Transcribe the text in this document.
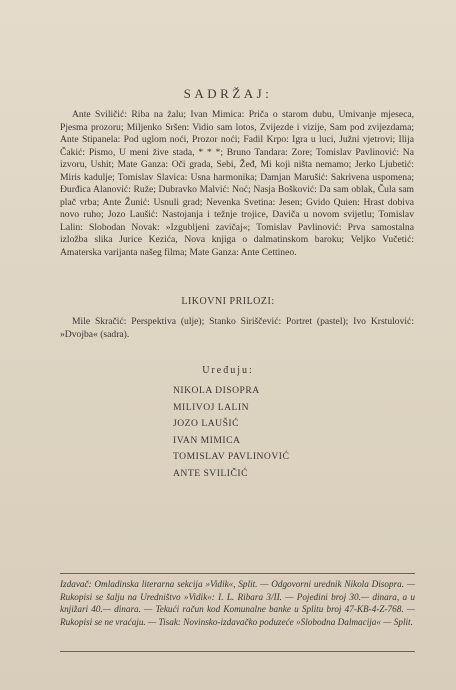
SADRŽAJ:

Ante Sviličić: Riba na žalu; Ivan Mimica: Priča o starom dubu, Umivanje mjeseca, Pjesma prozoru; Miljenko Sršen: Vidio sam lotos, Zvijezde i vizije, Sam pod zvijezdama; Ante Stipanela: Pod uglom noći, Prozor noći; Fadil Krpo: Igra u luci, Južni vjetrovi; Ilija Čakić: Pismo, U meni žive stada, * * *; Bruno Tandara: Zore; Tomislav Pavlinović: Na izvoru, Ushit; Mate Ganza: Oči grada, Sebi, Žeđ, Mi koji ništa nemamo; Jerko Ljubetić: Miris kadulje; Tomislav Slavica: Usna harmonika; Damjan Marušić: Sakrivena uspomena; Đurđica Alanović: Ruže; Dubravko Malvić: Noć; Nasja Bošković: Da sam oblak, Čula sam plač vrba; Ante Žunić: Usnuli grad; Nevenka Svetina: Jesen; Gvido Quien: Hrast dobiva novo ruho; Jozo Laušić: Nastojanja i težnje trojice, Daviča u novom svijetlu; Tomislav Lalin: Slobodan Novak: »Izgubljeni zavičaj«; Tomislav Pavlinović: Prva samostalna izložba slika Jurice Kezića, Nova knjiga o dalmatinskom baroku; Veljko Vučetić: Amaterska varijanta našeg filma; Mate Ganza: Ante Cettineo.

LIKOVNI PRILOZI:

Mile Skračić: Perspektiva (ulje); Stanko Siriščević: Portret (pastel); Ivo Krstulović: »Dvojba« (sadra).

Uređuju:
NIKOLA DISOPRA
MILIVOJ LALIN
JOZO LAUŠIĆ
IVAN MIMICA
TOMISLAV PAVLINOVIĆ
ANTE SVILIČIĆ

Izdavač: Omladinska literarna sekcija »Vidik«, Split. — Odgovorni urednik Nikola Disopra. — Rukopisi se šalju na Uredništvo »Vidik«: I. L. Ribara 3/II. — Pojedini broj 30.— dinara, a u knjižari 40.— dinara. — Tekući račun kod Komunalne banke u Splitu broj 47-KB-4-Z-768. — Rukopisi se ne vraćaju. — Tisak: Novinsko-izdavačko poduzeće »Slobodna Dalmacija« — Split.
